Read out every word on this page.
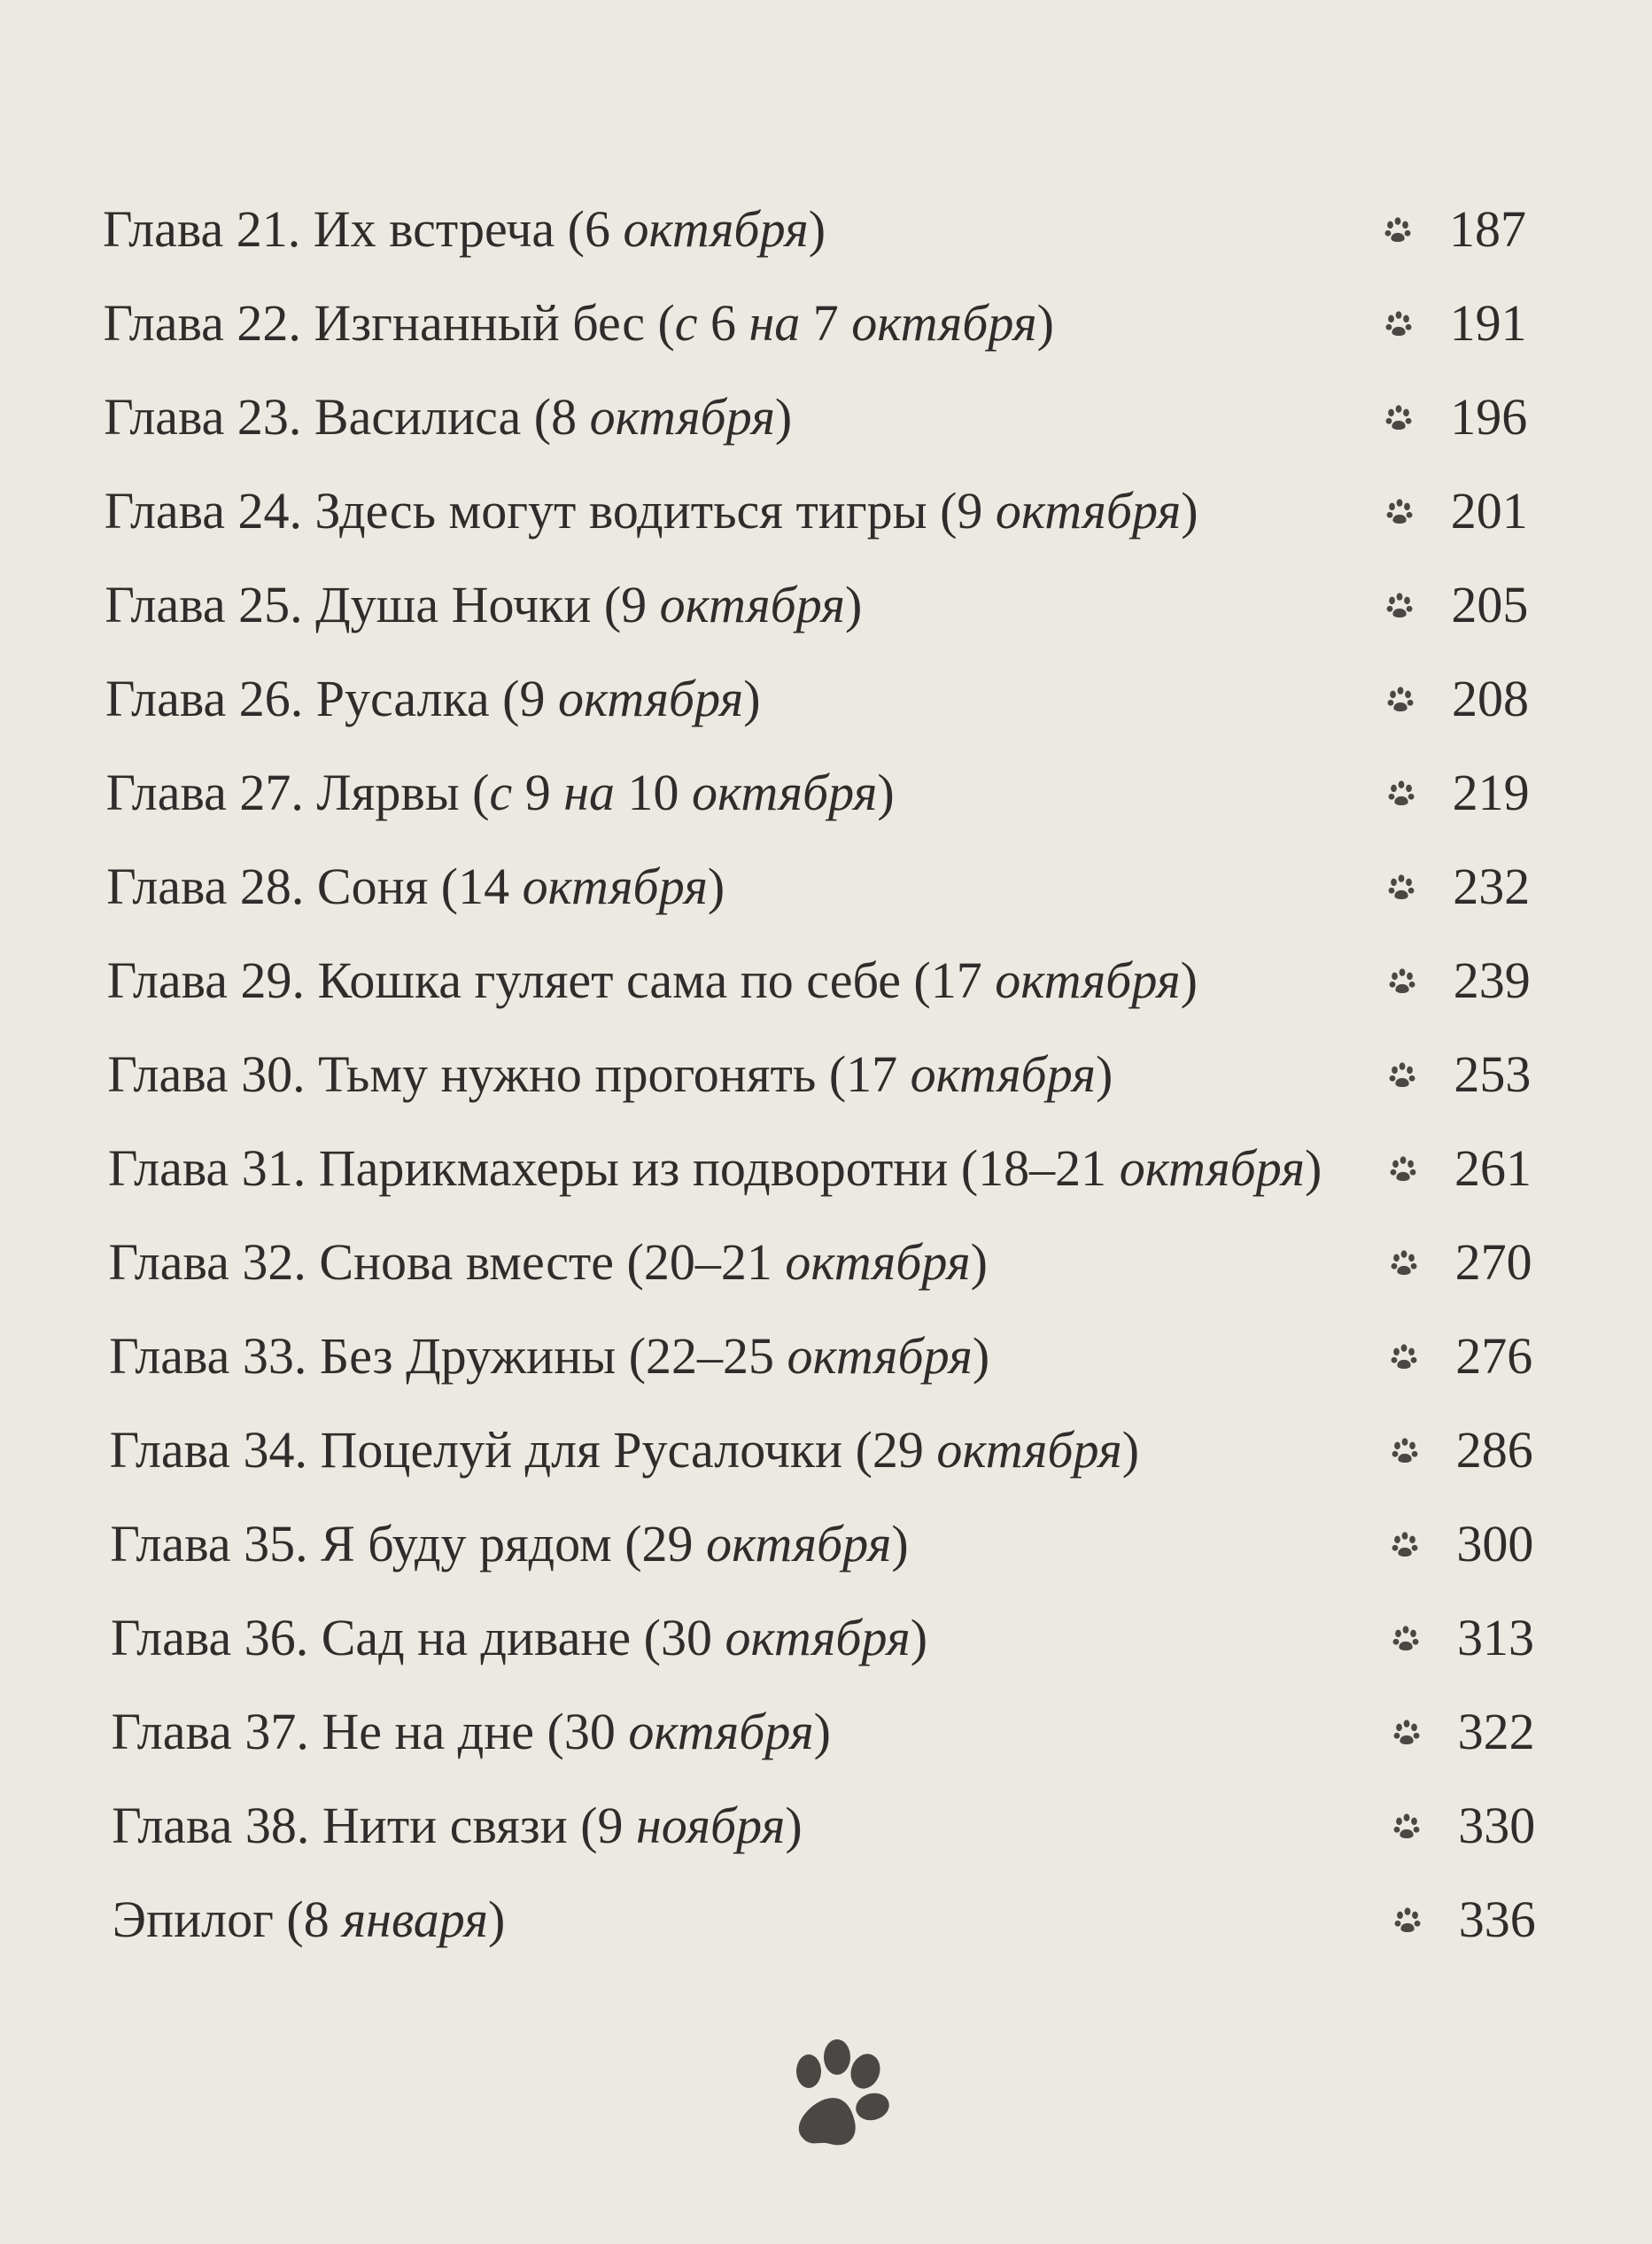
Глава 21. Их встреча (6 октября)	187
Глава 22. Изгнанный бес (с 6 на 7 октября)	191
Глава 23. Василиса (8 октября)	196
Глава 24. Здесь могут водиться тигры (9 октября)	201
Глава 25. Душа Ночки (9 октября)	205
Глава 26. Русалка (9 октября)	208
Глава 27. Лярвы (с 9 на 10 октября)	219
Глава 28. Соня (14 октября)	232
Глава 29. Кошка гуляет сама по себе (17 октября)	239
Глава 30. Тьму нужно прогонять (17 октября)	253
Глава 31. Парикмахеры из подворотни (18–21 октября)	261
Глава 32. Снова вместе (20–21 октября)	270
Глава 33. Без Дружины (22–25 октября)	276
Глава 34. Поцелуй для Русалочки (29 октября)	286
Глава 35. Я буду рядом (29 октября)	300
Глава 36. Сад на диване (30 октября)	313
Глава 37. Не на дне (30 октября)	322
Глава 38. Нити связи (9 ноября)	330
Эпилог (8 января)	336
